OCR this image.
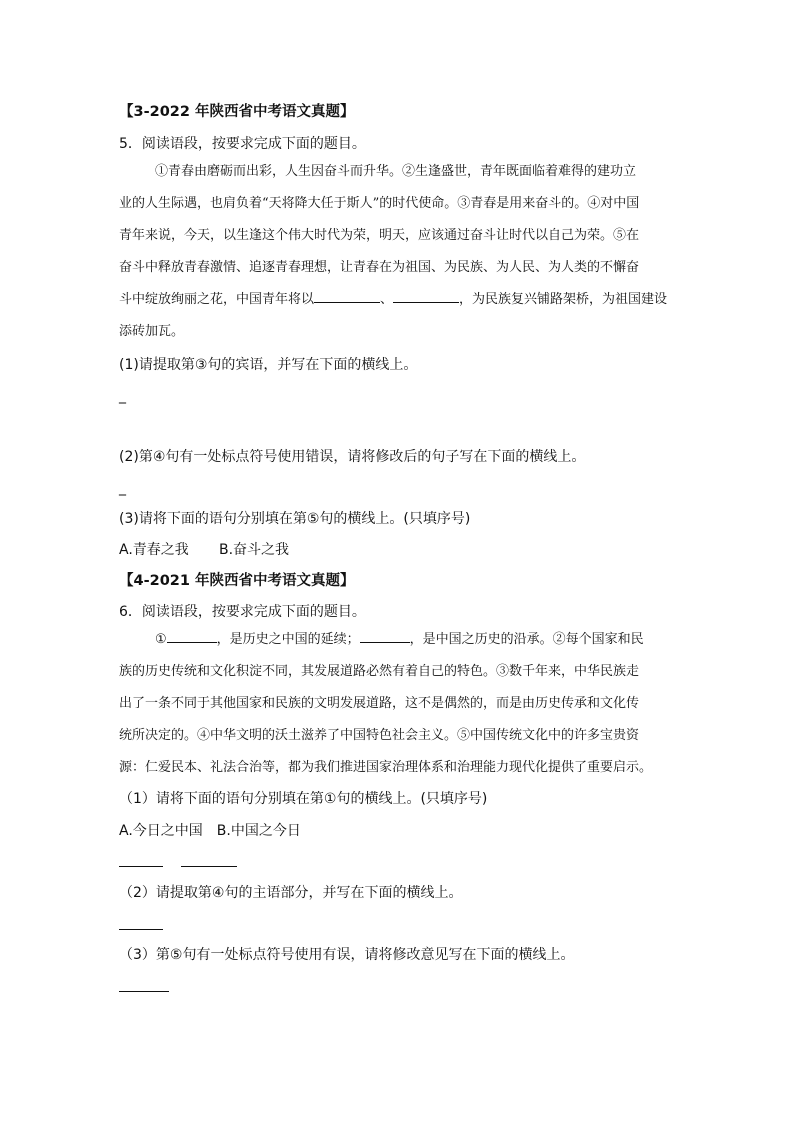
【3-2022 年陕西省中考语文真题】
5．阅读语段，按要求完成下面的题目。

①青春由磨砺而出彩，人生因奋斗而升华。②生逢盛世，青年既面临着难得的建功立

业的人生际遇，也肩负着“天将降大任于斯人”的时代使命。③青春是用来奋斗的。④对中国

青年来说，今天，以生逢这个伟大时代为荣，明天，应该通过奋斗让时代以自己为荣。⑤在

奋斗中释放青春激情、追逐青春理想，让青春在为祖国、为民族、为人民、为人类的不懈奋

斗中绽放绚丽之花，中国青年将以	、	，为民族复兴铺路架桥，为祖国建设

添砖加瓦。

(1)请提取第③句的宾语，并写在下面的横线上。
_
(2)第④句有一处标点符号使用错误，请将修改后的句子写在下面的横线上。
_
(3)请将下面的语句分别填在第⑤句的横线上。(只填序号)
A.青春之我 B.奋斗之我
【4-2021 年陕西省中考语文真题】
6．阅读语段，按要求完成下面的题目。

①	，是历史之中国的延续；	，是中国之历史的沿承。②每个国家和民

族的历史传统和文化积淀不同，其发展道路必然有着自己的特色。③数千年来，中华民族走

出了一条不同于其他国家和民族的文明发展道路，这不是偶然的，而是由历史传承和文化传

统所决定的。④中华文明的沃土滋养了中国特色社会主义。⑤中国传统文化中的许多宝贵资

源：仁爱民本、礼法合治等，都为我们推进国家治理体系和治理能力现代化提供了重要启示。

（1）请将下面的语句分别填在第①句的横线上。(只填序号)
A.今日之中国　B.中国之今日
（2）请提取第④句的主语部分，并写在下面的横线上。
（3）第⑤句有一处标点符号使用有误，请将修改意见写在下面的横线上。
